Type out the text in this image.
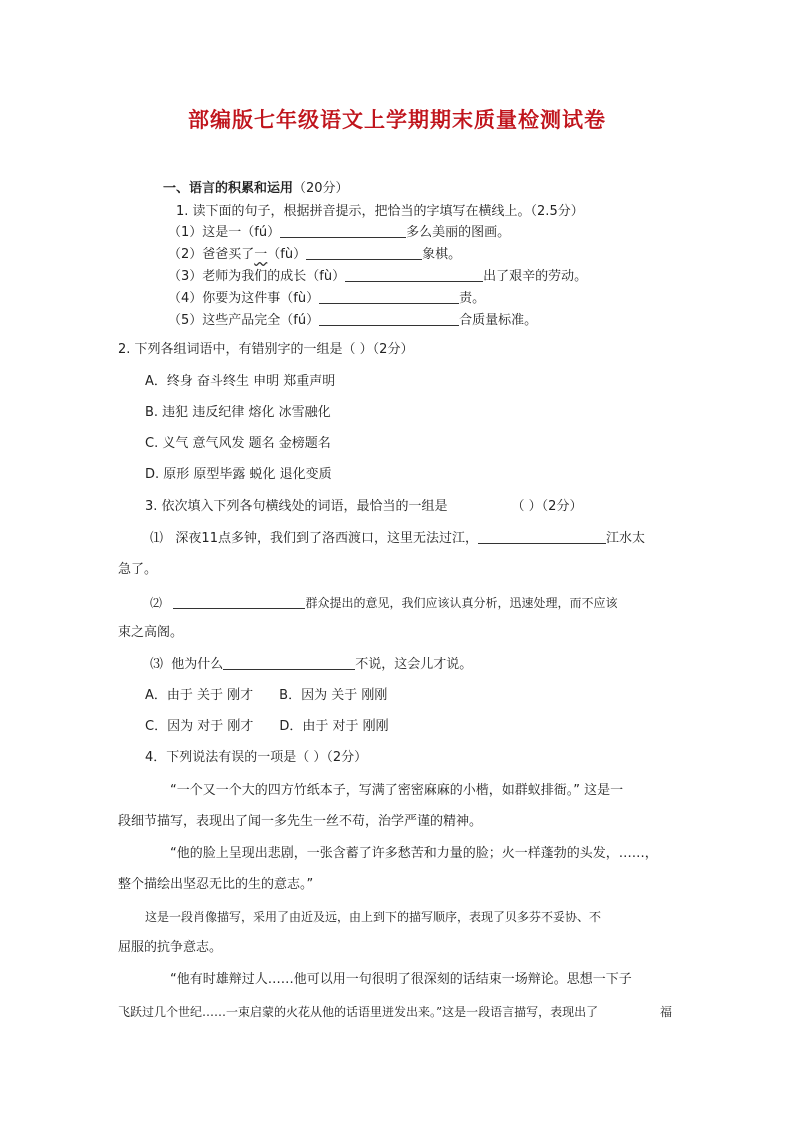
部编版七年级语文上学期期末质量检测试卷
一、语言的积累和运用（20分）
1. 读下面的句子，根据拼音提示，把恰当的字填写在横线上。（2.5分）
（1）这是一（fú）	多么美丽的图画。
（2）爸爸买了一（fù）	象棋。
（3）老师为我们的成长（fù）	出了艰辛的劳动。
（4）你要为这件事（fù）	责。
（5）这些产品完全（fú）	合质量标准。
2. 下列各组词语中，有错别字的一组是（ ）（2分）
A．终身 奋斗终生 申明 郑重声明
B. 违犯 违反纪律 熔化 冰雪融化
C. 义气 意气风发 题名 金榜题名
D. 原形 原型毕露 蜕化 退化变质
3. 依次填入下列各句横线处的词语，最恰当的一组是	（ ）（2分）
⑴ 深夜11点多钟，我们到了洛西渡口，这里无法过江，	江水太
急了。
⑵	群众提出的意见，我们应该认真分析，迅速处理，而不应该
束之高阁。
⑶ 他为什么	不说，这会儿才说。
A．由于 关于 刚才 B．因为 关于 刚刚
C．因为 对于 刚才 D．由于 对于 刚刚
4．下列说法有误的一项是（ ）（2分）
“一个又一个大的四方竹纸本子，写满了密密麻麻的小楷，如群蚁排衙。” 这是一
段细节描写，表现出了闻一多先生一丝不苟，治学严谨的精神。
“他的脸上呈现出悲剧，一张含蓄了许多愁苦和力量的脸；火一样蓬勃的头发，……，
整个描绘出坚忍无比的生的意志。”
这是一段肖像描写，采用了由近及远，由上到下的描写顺序，表现了贝多芬不妥协、不
屈服的抗争意志。
“他有时雄辩过人……他可以用一句很明了很深刻的话结束一场辩论。思想一下子
飞跃过几个世纪……一束启蒙的火花从他的话语里迸发出来。”这是一段语言描写，表现出了	福
